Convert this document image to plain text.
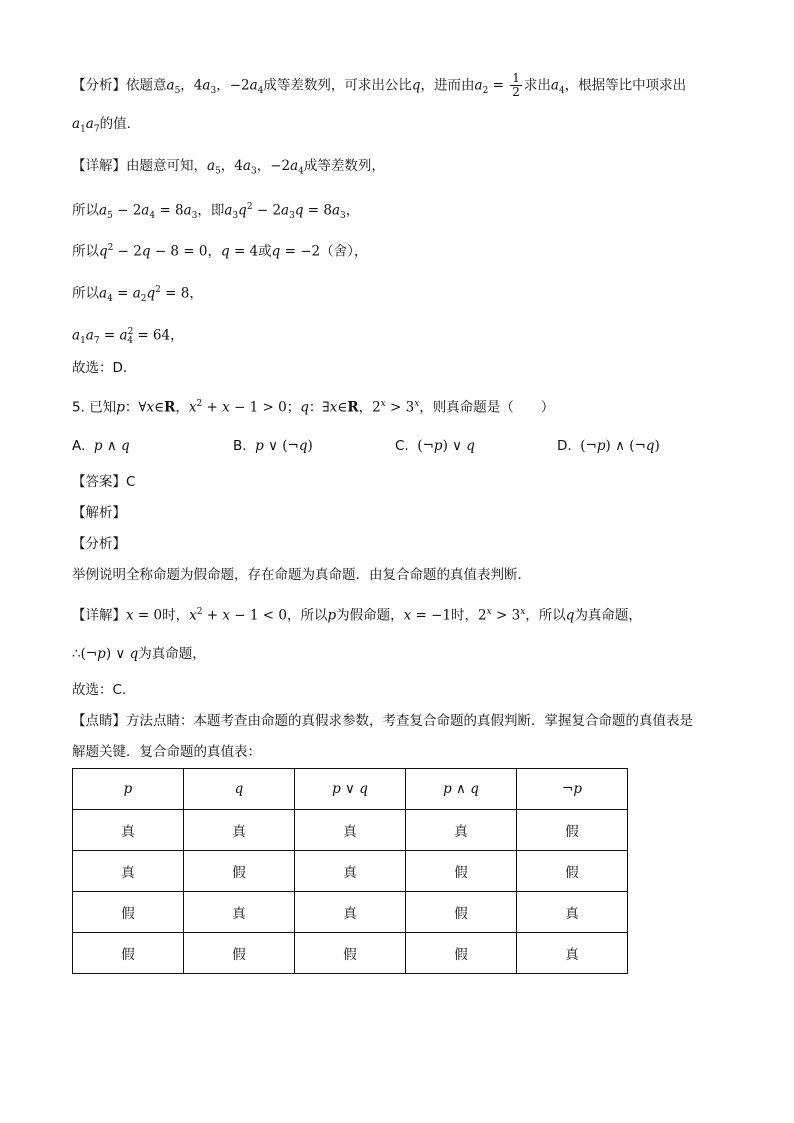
【分析】依题意$a_5$，$4a_3$，$-2a_4$成等差数列，可求出公比q，进而由$a_2 = \frac{1}{2}$ 求出$a_4$，根据等比中项求出
$a_1a_7$的值.
【详解】由题意可知，$a_5$，$4a_3$，$-2a_4$成等差数列，
所以$a_5 - 2a_4 = 8a_3$，即$a_3q^2 - 2a_3q = 8a_3$，
所以$q^2 - 2q - 8 = 0$，q = 4或q = −2（舍），
所以$a_4 = a_2q^2 = 8$，
$a_1a_7 = a^2_4 = 64$，
故选：D.
5. 已知p：∀x∈R，$x^2 + x - 1 > 0$；q：∃x∈R，$2^x > 3^x$，则真命题是（　　）
A. p ∧ q	B. p ∨ (¬q)	C. (¬p) ∨ q	D. (¬p) ∧ (¬q)
【答案】C
【解析】
【分析】
举例说明全称命题为假命题，存在命题为真命题．由复合命题的真值表判断．
【详解】x = 0时，$x^2 + x - 1 < 0$，所以p为假命题，x = −1时，$2^x > 3^x$，所以q为真命题，
∴(¬p) ∨ q为真命题，
故选：C.
【点睛】方法点睛：本题考查由命题的真假求参数，考查复合命题的真假判断．掌握复合命题的真值表是
解题关键．复合命题的真值表：
p	q	p ∨ q	p ∧ q	¬p
真	真	真	真	假
真	假	真	假	假
假	真	真	假	真
假	假	假	假	真
